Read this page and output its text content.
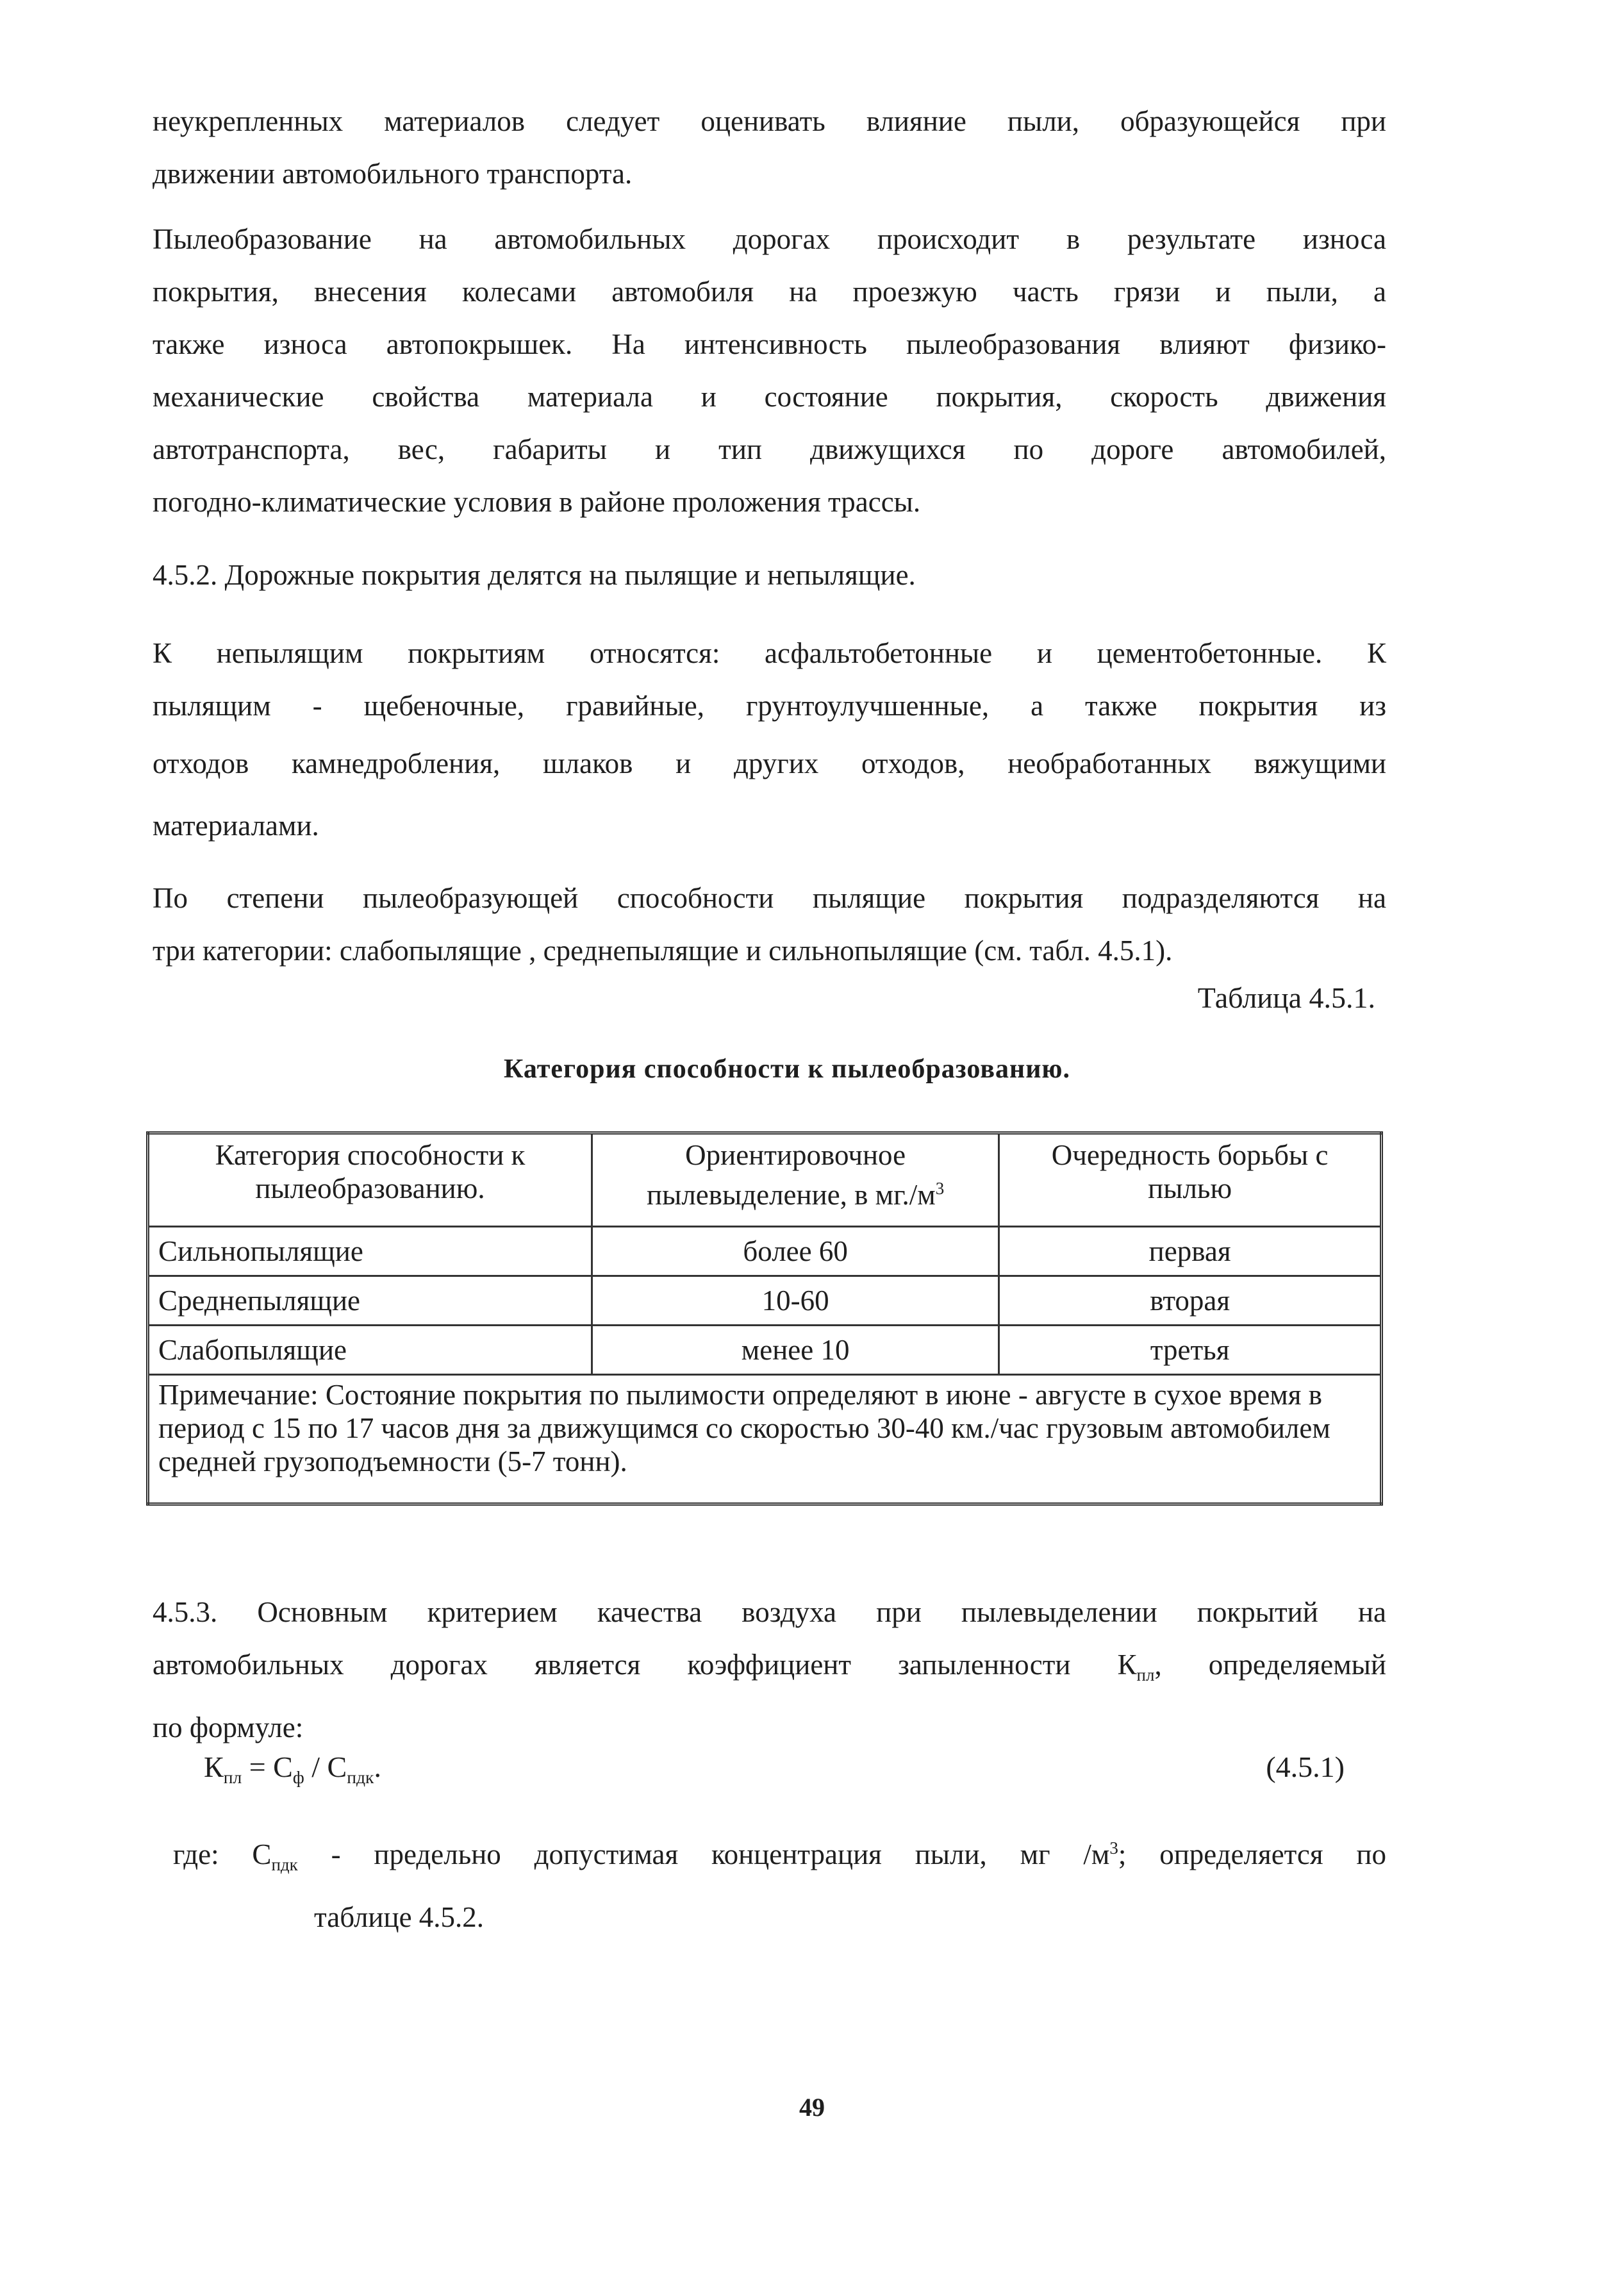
неукрепленных материалов следует оценивать влияние пыли, образующейся при
движении автомобильного транспорта.
Пылеобразование на автомобильных дорогах происходит в результате износа
покрытия, внесения колесами автомобиля на проезжую часть грязи и пыли, а
также износа автопокрышек. На интенсивность пылеобразования влияют физико-
механические свойства материала и состояние покрытия, скорость движения
автотранспорта, вес, габариты и тип движущихся по дороге автомобилей,
погодно-климатические условия в районе проложения трассы.
4.5.2. Дорожные покрытия делятся на пылящие и непылящие.
К непылящим покрытиям относятся: асфальтобетонные и цементобетонные. К
пылящим - щебеночные, гравийные, грунтоулучшенные, а также покрытия из
отходов камнедробления, шлаков и других отходов, необработанных вяжущими
материалами.
По степени пылеобразующей способности пылящие покрытия подразделяются на
три категории: слабопылящие , среднепылящие и сильнопылящие (см. табл. 4.5.1).
Таблица 4.5.1.
Категория способности к пылеобразованию.
Категория способности к пылеобразованию.	Ориентировочное пылевыделение, в $мг./м^3$	Очередность борьбы с пылью
Сильнопылящие	более 60	первая
Среднепылящие	10-60	вторая
Слабопылящие	менее 10	третья
Примечание: Состояние покрытия по пылимости определяют в июне - августе в сухое время в период с 15 по 17 часов дня за движущимся со скоростью 30-40 км./час грузовым автомобилем средней грузоподъемности (5-7 тонн).		
4.5.3. Основным критерием качества воздуха при пылевыделении покрытий на
автомобильных дорогах является коэффициент запыленности $К_{пл}$, определяемый
по формуле:
$К_{пл} = С_ф / С_{пдк}$.	(4.5.1)
где: $С_{пдк}$ - предельно допустимая концентрация пыли, мг $/м^3$; определяется по
таблице 4.5.2.
49
